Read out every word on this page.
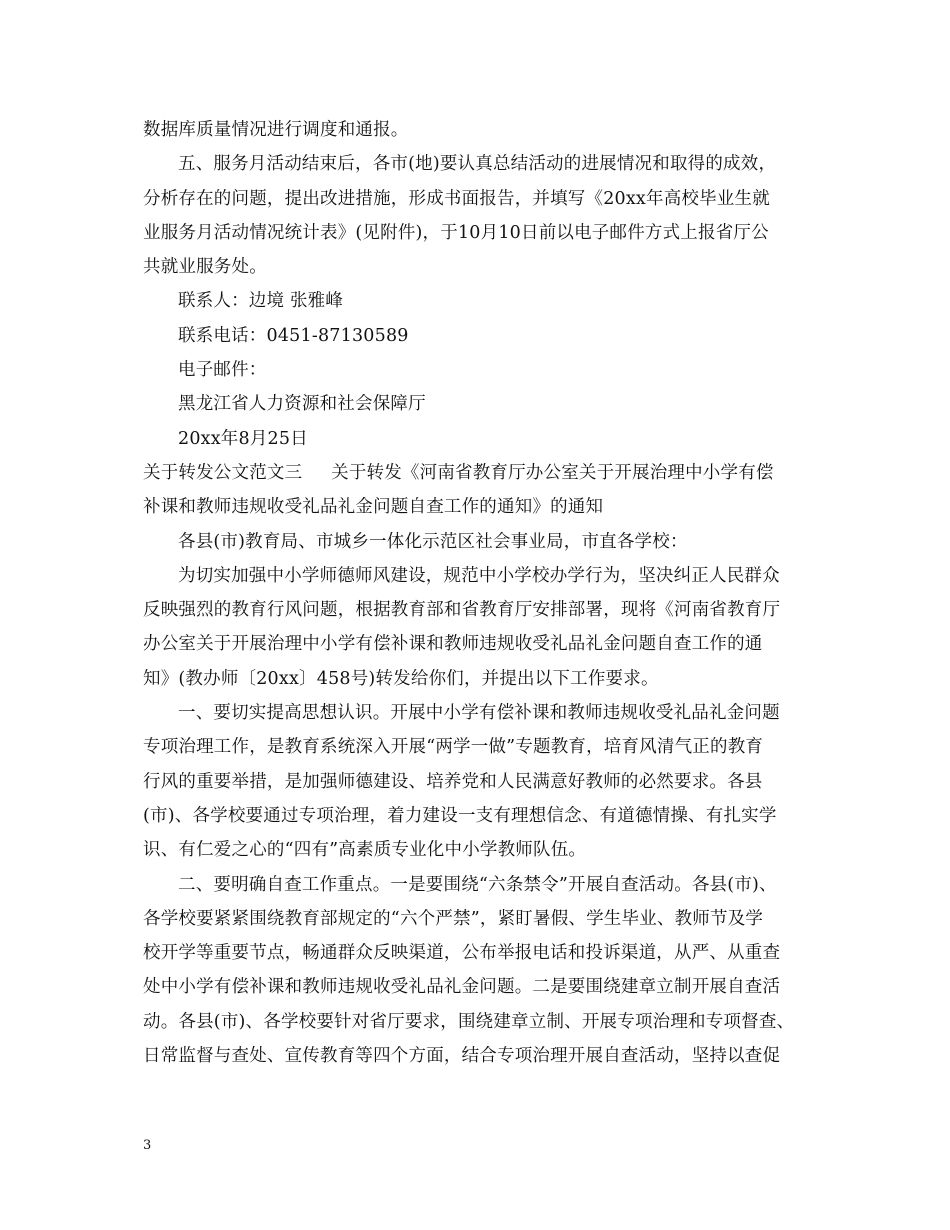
数据库质量情况进行调度和通报。
五、服务月活动结束后，各市(地)要认真总结活动的进展情况和取得的成效，
分析存在的问题，提出改进措施，形成书面报告，并填写《20xx年高校毕业生就
业服务月活动情况统计表》(见附件)，于10月10日前以电子邮件方式上报省厅公
共就业服务处。
联系人：边境 张雅峰
联系电话：0451-87130589
电子邮件：
黑龙江省人力资源和社会保障厅
20xx年8月25日
关于转发公文范文三     关于转发《河南省教育厅办公室关于开展治理中小学有偿
补课和教师违规收受礼品礼金问题自查工作的通知》的通知
各县(市)教育局、市城乡一体化示范区社会事业局，市直各学校：
为切实加强中小学师德师风建设，规范中小学校办学行为，坚决纠正人民群众
反映强烈的教育行风问题，根据教育部和省教育厅安排部署，现将《河南省教育厅
办公室关于开展治理中小学有偿补课和教师违规收受礼品礼金问题自查工作的通
知》(教办师〔20xx〕458号)转发给你们，并提出以下工作要求。
一、要切实提高思想认识。开展中小学有偿补课和教师违规收受礼品礼金问题
专项治理工作，是教育系统深入开展“两学一做”专题教育，培育风清气正的教育
行风的重要举措，是加强师德建设、培养党和人民满意好教师的必然要求。各县
(市)、各学校要通过专项治理，着力建设一支有理想信念、有道德情操、有扎实学
识、有仁爱之心的“四有”高素质专业化中小学教师队伍。
二、要明确自查工作重点。一是要围绕“六条禁令”开展自查活动。各县(市)、
各学校要紧紧围绕教育部规定的“六个严禁”，紧盯暑假、学生毕业、教师节及学
校开学等重要节点，畅通群众反映渠道，公布举报电话和投诉渠道，从严、从重查
处中小学有偿补课和教师违规收受礼品礼金问题。二是要围绕建章立制开展自查活
动。各县(市)、各学校要针对省厅要求，围绕建章立制、开展专项治理和专项督查、
日常监督与查处、宣传教育等四个方面，结合专项治理开展自查活动，坚持以查促
3
